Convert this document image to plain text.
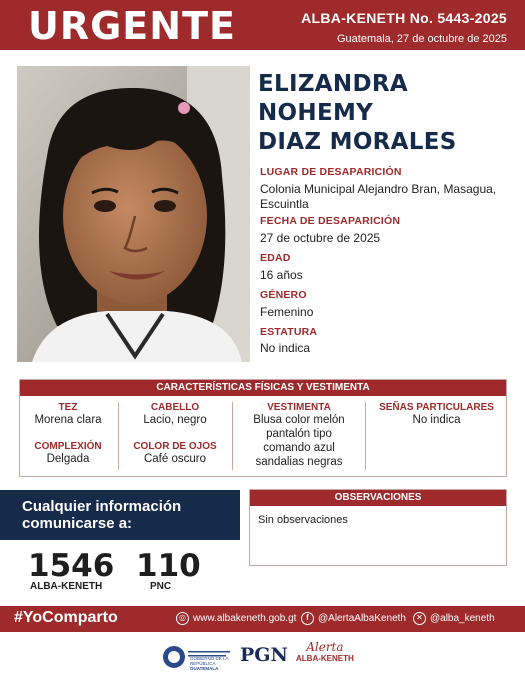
URGENTE	ALBA-KENETH No. 5443-2025
Guatemala, 27 de octubre de 2025
ELIZANDRA NOHEMY
DIAZ MORALES
LUGAR DE DESAPARICIÓN
Colonia Municipal Alejandro Bran, Masagua,
Escuintla
FECHA DE DESAPARICIÓN
27 de octubre de 2025
EDAD
16 años
GÉNERO
Femenino
ESTATURA
No indica
CARACTERÍSTICAS FÍSICAS Y VESTIMENTA
TEZ
Morena clara
COMPLEXIÓN
Delgada
CABELLO
Lacio, negro
COLOR DE OJOS
Café oscuro
VESTIMENTA
Blusa color melón
pantalón tipo
comando azul
sandalias negras
SEÑAS PARTICULARES
No indica
Cualquier información
comunicarse a:
1546
ALBA-KENETH
110
PNC
OBSERVACIONES
Sin observaciones
#YoComparto	◎ www.albakeneth.gob.gt	f @AlertaAlbaKeneth	✕ @alba_keneth
GOBIERNO DE LA REPÚBLICA
GUATEMALA
PGN	Alerta
ALBA-KENETH
